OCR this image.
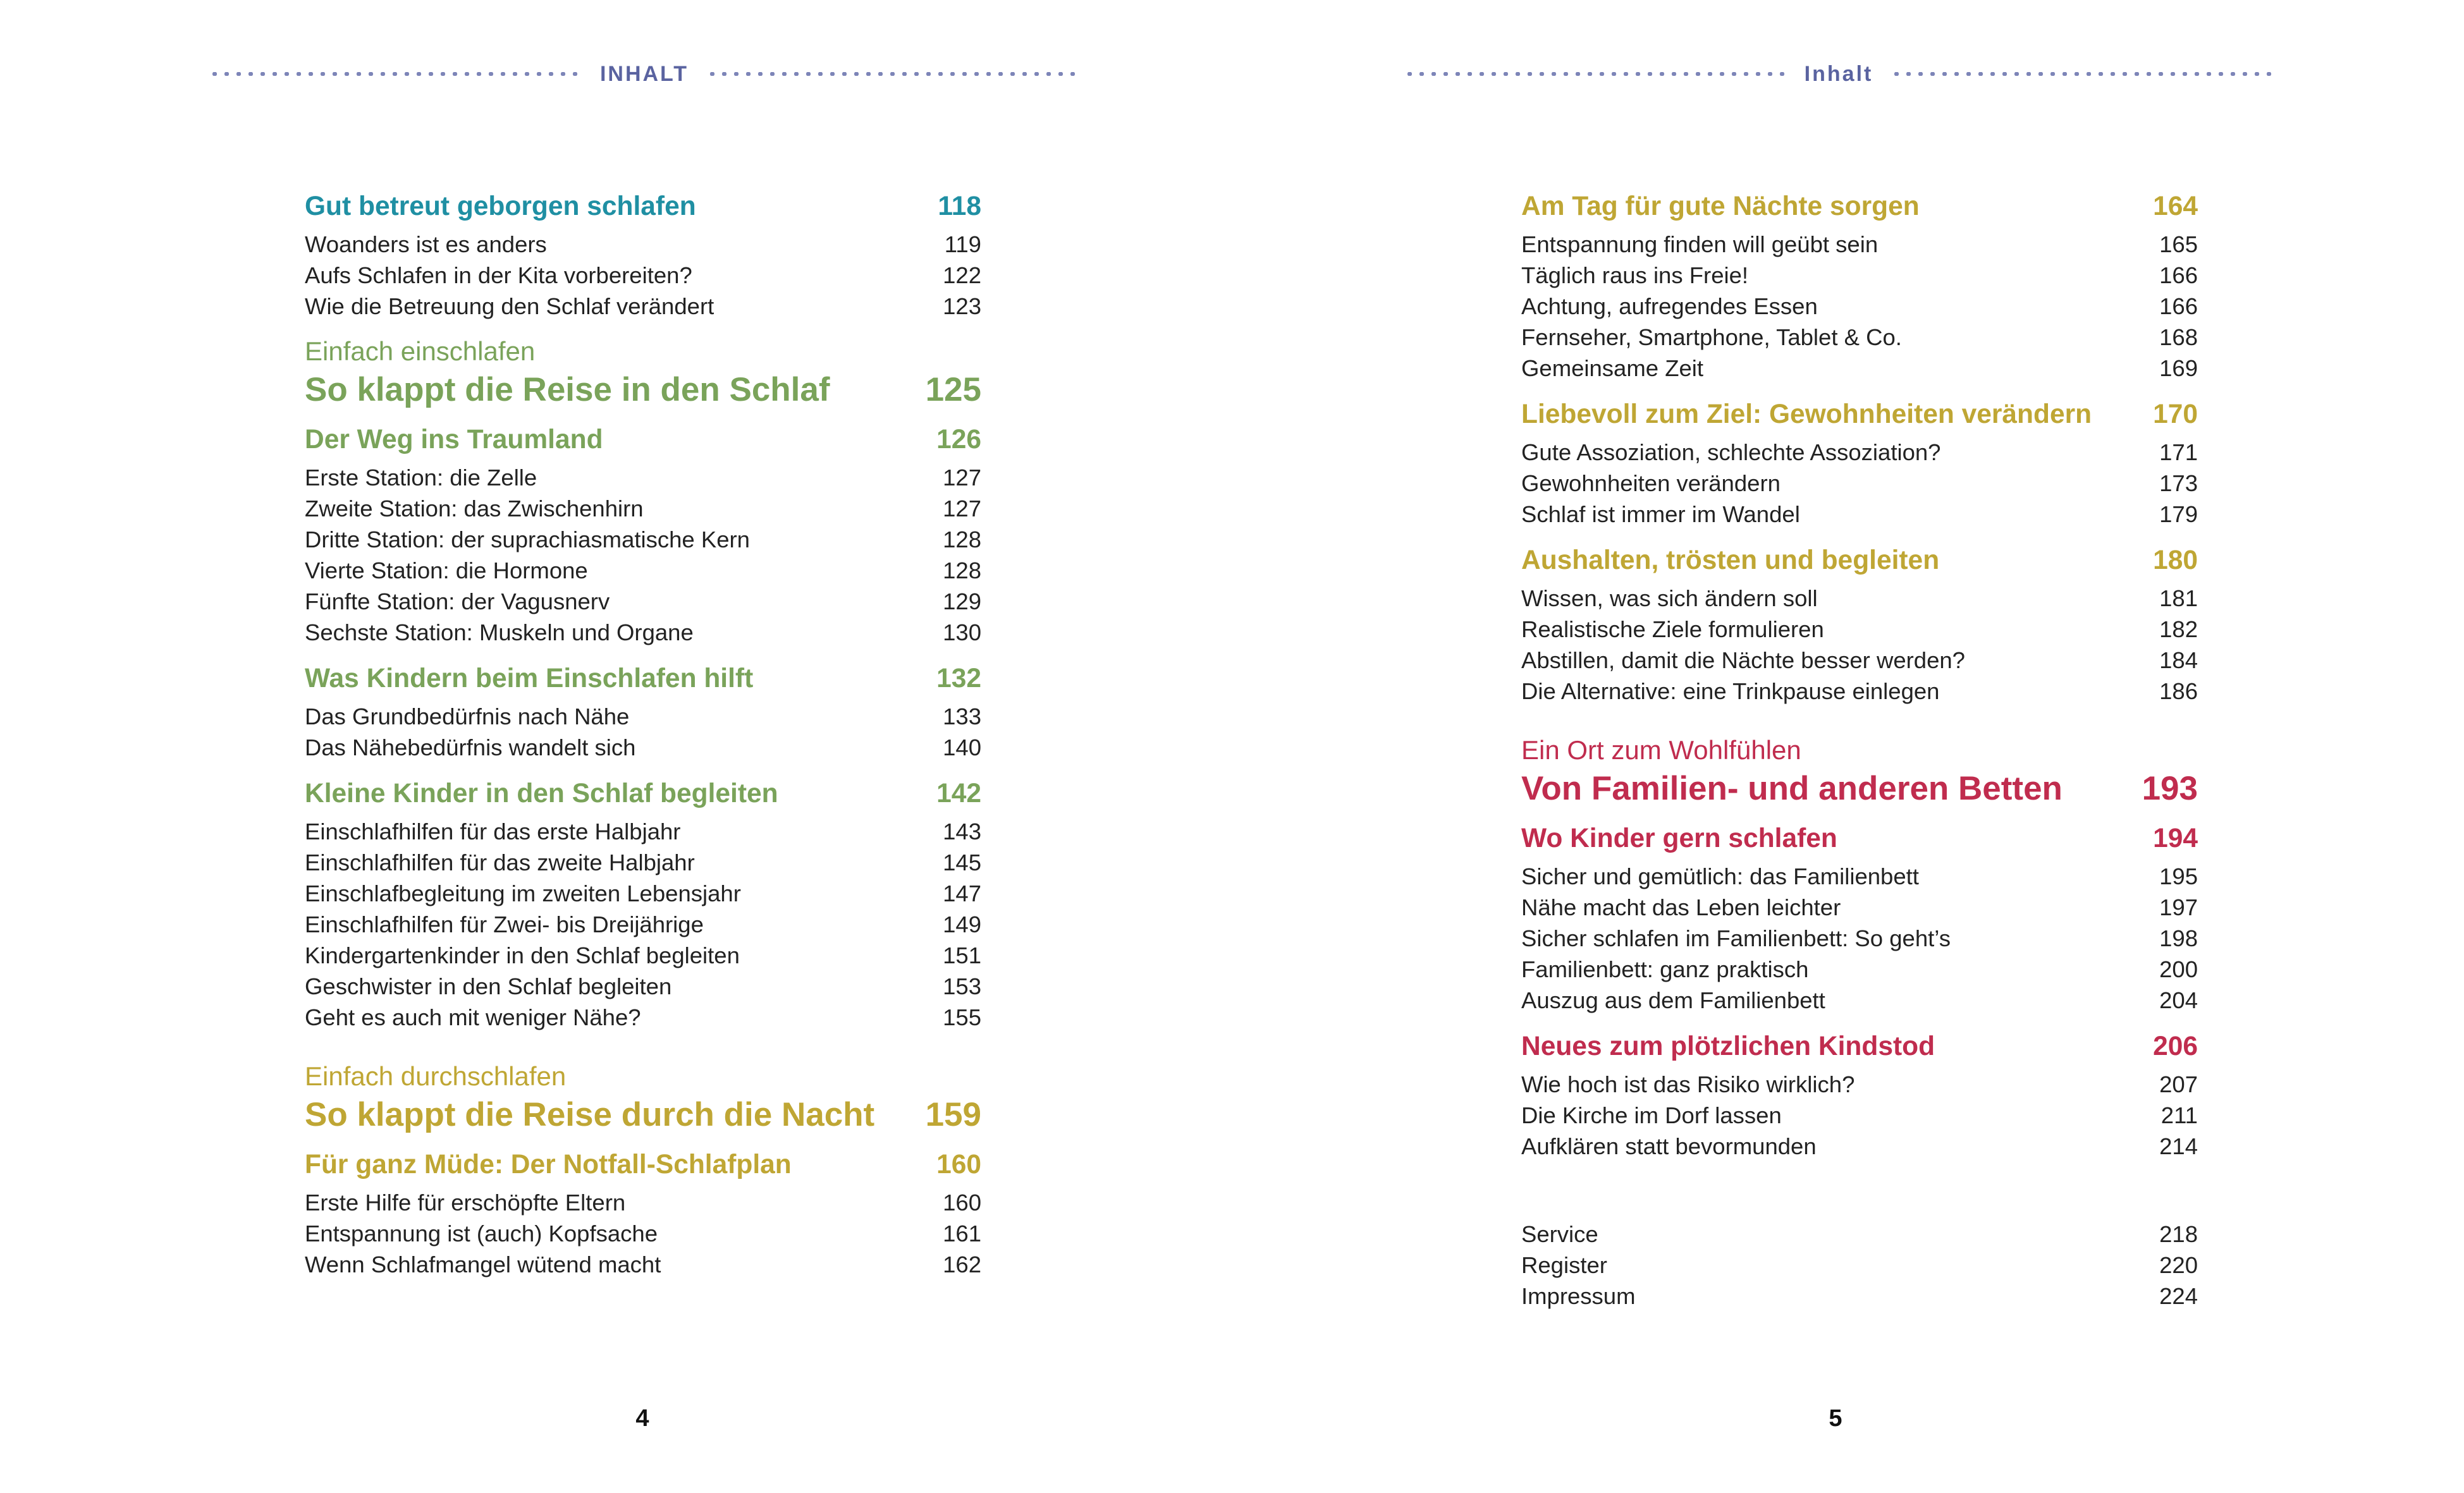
INHALT
Gut betreut geborgen schlafen	118
Woanders ist es anders	119
Aufs Schlafen in der Kita vorbereiten?	122
Wie die Betreuung den Schlaf verändert	123
Einfach einschlafen
So klappt die Reise in den Schlaf	125
Der Weg ins Traumland	126
Erste Station: die Zelle	127
Zweite Station: das Zwischenhirn	127
Dritte Station: der suprachiasmatische Kern	128
Vierte Station: die Hormone	128
Fünfte Station: der Vagusnerv	129
Sechste Station: Muskeln und Organe	130
Was Kindern beim Einschlafen hilft	132
Das Grundbedürfnis nach Nähe	133
Das Nähebedürfnis wandelt sich	140
Kleine Kinder in den Schlaf begleiten	142
Einschlafhilfen für das erste Halbjahr	143
Einschlafhilfen für das zweite Halbjahr	145
Einschlafbegleitung im zweiten Lebensjahr	147
Einschlafhilfen für Zwei- bis Dreijährige	149
Kindergartenkinder in den Schlaf begleiten	151
Geschwister in den Schlaf begleiten	153
Geht es auch mit weniger Nähe?	155
Einfach durchschlafen
So klappt die Reise durch die Nacht 159
Für ganz Müde: Der Notfall-Schlafplan	160
Erste Hilfe für erschöpfte Eltern	160
Entspannung ist (auch) Kopfsache	161
Wenn Schlafmangel wütend macht	162
4
Inhalt
Am Tag für gute Nächte sorgen	164
Entspannung finden will geübt sein	165
Täglich raus ins Freie!	166
Achtung, aufregendes Essen	166
Fernseher, Smartphone, Tablet & Co.	168
Gemeinsame Zeit	169
Liebevoll zum Ziel: Gewohnheiten verändern	170
Gute Assoziation, schlechte Assoziation?	171
Gewohnheiten verändern	173
Schlaf ist immer im Wandel	179
Aushalten, trösten und begleiten	180
Wissen, was sich ändern soll	181
Realistische Ziele formulieren	182
Abstillen, damit die Nächte besser werden?	184
Die Alternative: eine Trinkpause einlegen	186
Ein Ort zum Wohlfühlen
Von Familien- und anderen Betten 193
Wo Kinder gern schlafen	194
Sicher und gemütlich: das Familienbett	195
Nähe macht das Leben leichter	197
Sicher schlafen im Familienbett: So geht’s	198
Familienbett: ganz praktisch	200
Auszug aus dem Familienbett	204
Neues zum plötzlichen Kindstod	206
Wie hoch ist das Risiko wirklich?	207
Die Kirche im Dorf lassen	211
Aufklären statt bevormunden	214
Service	218
Register	220
Impressum	224
5
